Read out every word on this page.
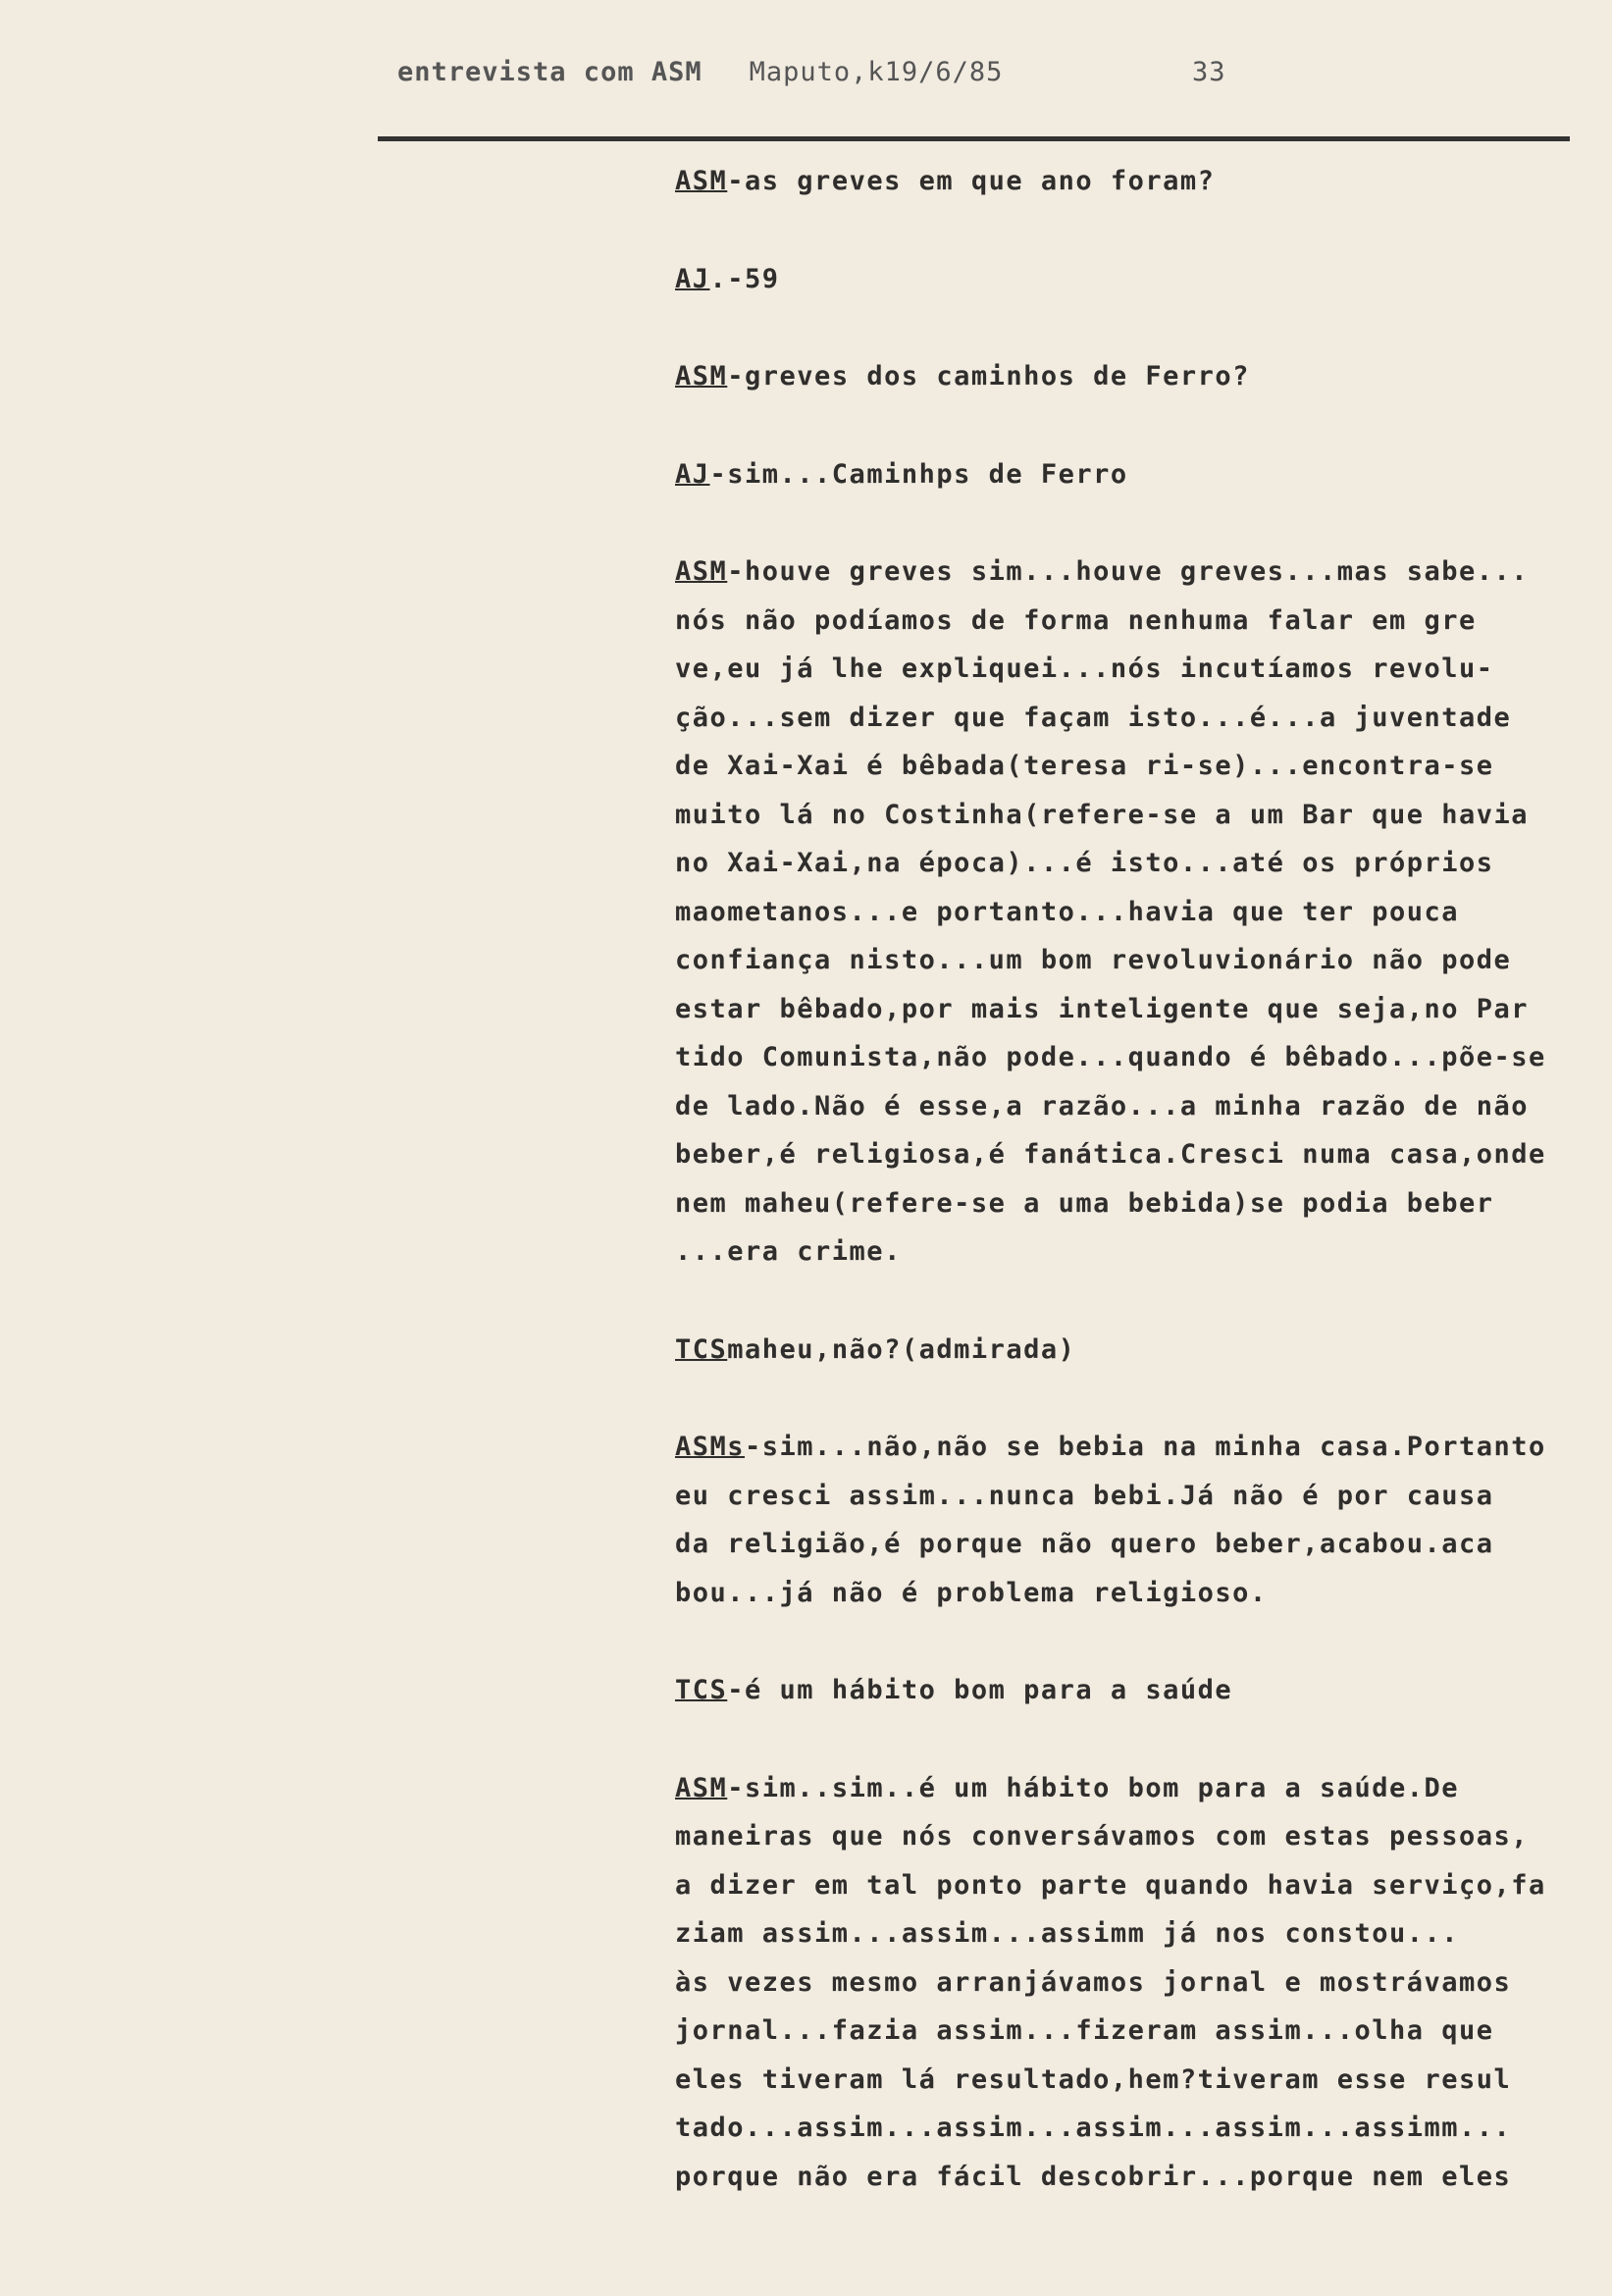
entrevista com ASM Maputo,k19/6/85	33
ASM-as greves em que ano foram?
AJ.-59
ASM-greves dos caminhos de Ferro?
AJ-sim...Caminhps de Ferro
ASM-houve greves sim...houve greves...mas sabe...
nós não podíamos de forma nenhuma falar em gre
ve,eu já lhe expliquei...nós incutíamos revolu-
ção...sem dizer que façam isto...é...a juventade
de Xai-Xai é bêbada(teresa ri-se)...encontra-se
muito lá no Costinha(refere-se a um Bar que havia
no Xai-Xai,na época)...é isto...até os próprios
maometanos...e portanto...havia que ter pouca
confiança nisto...um bom revoluvionário não pode
estar bêbado,por mais inteligente que seja,no Par
tido Comunista,não pode...quando é bêbado...põe-se
de lado.Não é esse,a razão...a minha razão de não
beber,é religiosa,é fanática.Cresci numa casa,onde
nem maheu(refere-se a uma bebida)se podia beber
...era crime.
TCSmaheu,não?(admirada)
ASMs-sim...não,não se bebia na minha casa.Portanto
eu cresci assim...nunca bebi.Já não é por causa
da religião,é porque não quero beber,acabou.aca
bou...já não é problema religioso.
TCS-é um hábito bom para a saúde
ASM-sim..sim..é um hábito bom para a saúde.De
maneiras que nós conversávamos com estas pessoas,
a dizer em tal ponto parte quando havia serviço,fa
ziam assim...assim...assimm já nos constou...
às vezes mesmo arranjávamos jornal e mostrávamos
jornal...fazia assim...fizeram assim...olha que
eles tiveram lá resultado,hem?tiveram esse resul
tado...assim...assim...assim...assim...assimm...
porque não era fácil descobrir...porque nem eles
